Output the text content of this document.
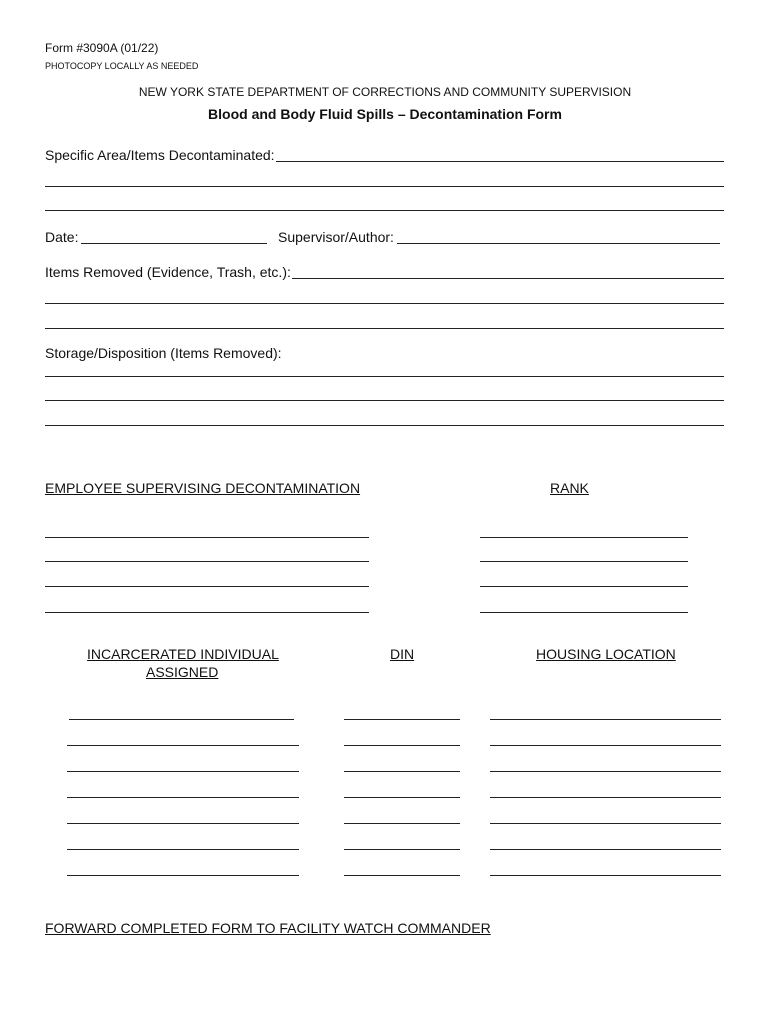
Form #3090A (01/22)
PHOTOCOPY LOCALLY AS NEEDED
NEW YORK STATE DEPARTMENT OF CORRECTIONS AND COMMUNITY SUPERVISION
Blood and Body Fluid Spills – Decontamination Form
Specific Area/Items Decontaminated:
Date:	Supervisor/Author:
Items Removed (Evidence, Trash, etc.):
Storage/Disposition (Items Removed):
EMPLOYEE SUPERVISING DECONTAMINATION	RANK
INCARCERATED INDIVIDUAL
ASSIGNED
DIN	HOUSING LOCATION
FORWARD COMPLETED FORM TO FACILITY WATCH COMMANDER
